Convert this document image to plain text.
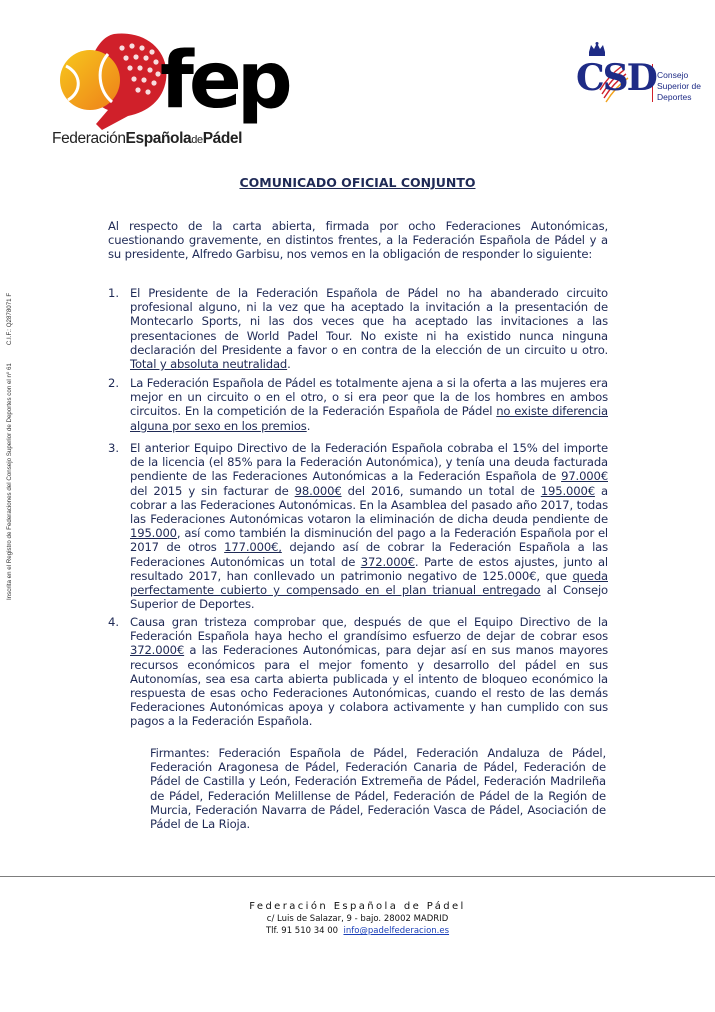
fep
FederaciónEspañoladePádel
CSD Consejo
Superior de
Deportes
Inscrita en el Registro de Federaciones del Consejo Superior de Deportes con el nº 61C.I.F.: Q2878071 F
COMUNICADO OFICIAL CONJUNTO
Al respecto de la carta abierta, firmada por ocho Federaciones Autonómicas, cuestionando gravemente, en distintos frentes, a la Federación Española de Pádel y a su presidente, Alfredo Garbisu, nos vemos en la obligación de responder lo siguiente:
1. El Presidente de la Federación Española de Pádel no ha abanderado circuito profesional alguno, ni la vez que ha aceptado la invitación a la presentación de Montecarlo Sports, ni las dos veces que ha aceptado las invitaciones a las presentaciones de World Padel Tour. No existe ni ha existido nunca ninguna declaración del Presidente a favor o en contra de la elección de un circuito u otro. Total y absoluta neutralidad.
2. La Federación Española de Pádel es totalmente ajena a si la oferta a las mujeres era mejor en un circuito o en el otro, o si era peor que la de los hombres en ambos circuitos. En la competición de la Federación Española de Pádel no existe diferencia alguna por sexo en los premios.
3. El anterior Equipo Directivo de la Federación Española cobraba el 15% del importe de la licencia (el 85% para la Federación Autonómica), y tenía una deuda facturada pendiente de las Federaciones Autonómicas a la Federación Española de 97.000€ del 2015 y sin facturar de 98.000€ del 2016, sumando un total de 195.000€ a cobrar a las Federaciones Autonómicas. En la Asamblea del pasado año 2017, todas las Federaciones Autonómicas votaron la eliminación de dicha deuda pendiente de 195.000, así como también la disminución del pago a la Federación Española por el 2017 de otros 177.000€, dejando así de cobrar la Federación Española a las Federaciones Autonómicas un total de 372.000€. Parte de estos ajustes, junto al resultado 2017, han conllevado un patrimonio negativo de 125.000€, que queda perfectamente cubierto y compensado en el plan trianual entregado al Consejo Superior de Deportes.
4. Causa gran tristeza comprobar que, después de que el Equipo Directivo de la Federación Española haya hecho el grandísimo esfuerzo de dejar de cobrar esos 372.000€ a las Federaciones Autonómicas, para dejar así en sus manos mayores recursos económicos para el mejor fomento y desarrollo del pádel en sus Autonomías, sea esa carta abierta publicada y el intento de bloqueo económico la respuesta de esas ocho Federaciones Autonómicas, cuando el resto de las demás Federaciones Autonómicas apoya y colabora activamente y han cumplido con sus pagos a la Federación Española.
Firmantes: Federación Española de Pádel, Federación Andaluza de Pádel, Federación Aragonesa de Pádel, Federación Canaria de Pádel, Federación de Pádel de Castilla y León, Federación Extremeña de Pádel, Federación Madrileña de Pádel, Federación Melillense de Pádel, Federación de Pádel de la Región de Murcia, Federación Navarra de Pádel, Federación Vasca de Pádel, Asociación de Pádel de La Rioja.
Federación Española de Pádel
c/ Luis de Salazar, 9 - bajo. 28002 MADRID
Tlf. 91 510 34 00 info@padelfederacion.es
